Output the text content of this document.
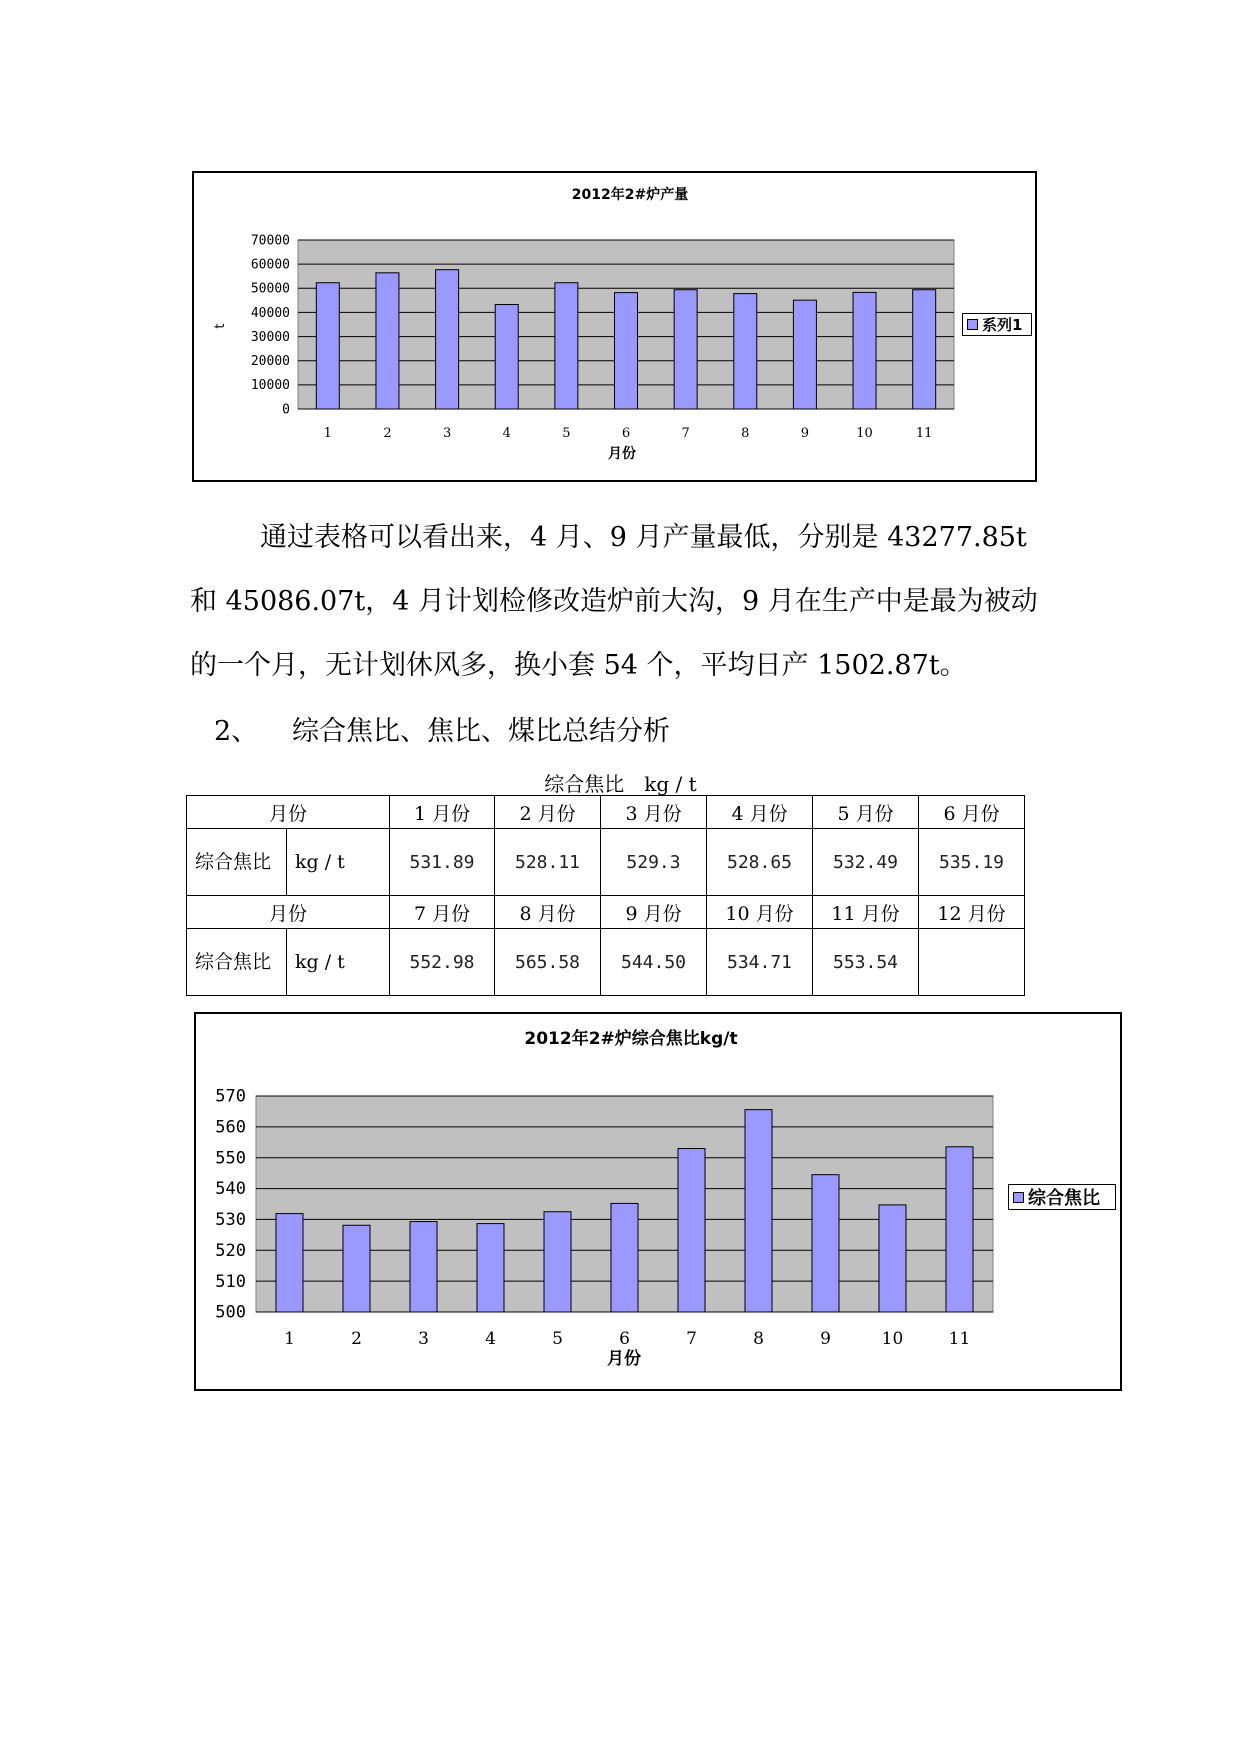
2012年2#炉产量
t
月份
70000
60000
50000
40000
30000
20000
10000
0
1	2	3	4	5	6	7	8	9	10	11
系列1

通过表格可以看出来，4 月、9 月产量最低，分别是 43277.85t
和 45086.07t，4 月计划检修改造炉前大沟，9 月在生产中是最为被动
的一个月，无计划休风多，换小套 54 个，平均日产 1502.87t。

2、 综合焦比、焦比、煤比总结分析
综合焦比　kg / t
月份		1 月份	2 月份	3 月份	4 月份	5 月份	6 月份
综合焦比	kg / t	531.89	528.11	529.3	528.65	532.49	535.19
月份		7 月份	8 月份	9 月份	10 月份	11 月份	12 月份
综合焦比	kg / t	552.98	565.58	544.50	534.71	553.54	
2012年2#炉综合焦比kg/t
月份
570
560
550
540
530
520
510
500
1	2	3	4	5	6	7	8	9	10	11
综合焦比
